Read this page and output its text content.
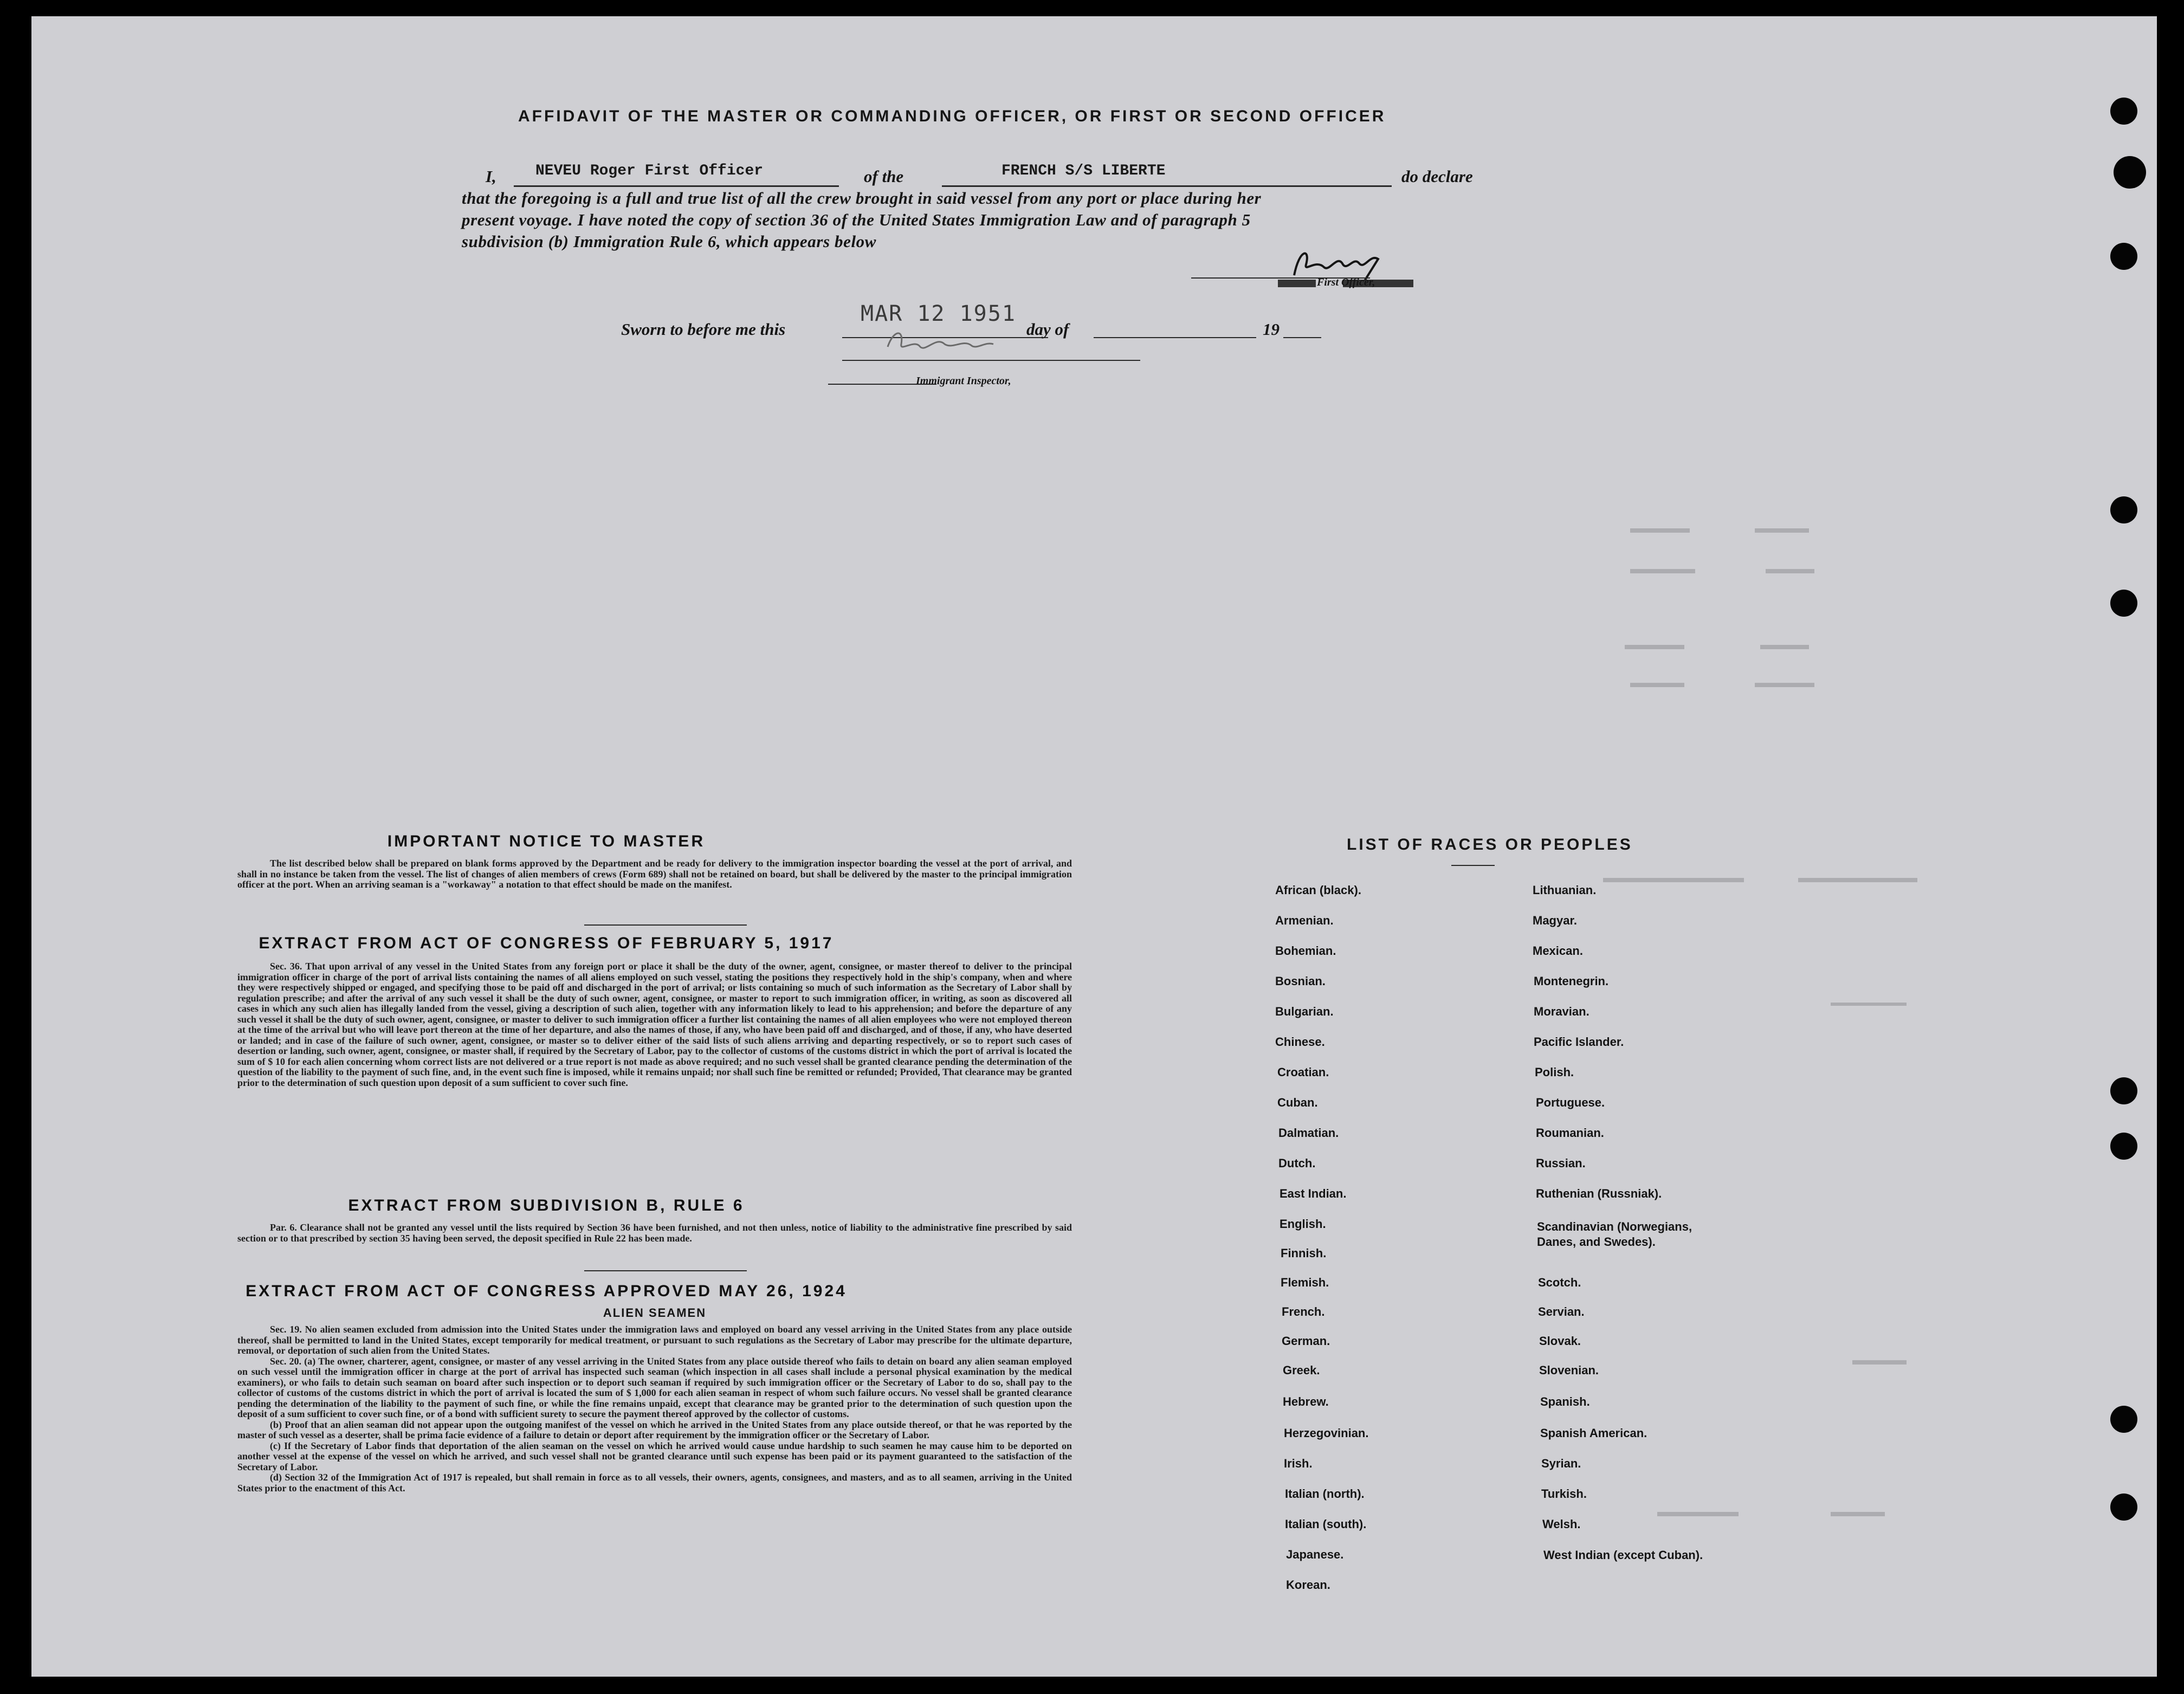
AFFIDAVIT OF THE MASTER OR COMMANDING OFFICER, OR FIRST OR SECOND OFFICER
I,	NEVEU Roger First Officer	of the	FRENCH S/S LIBERTE	do declare
that the foregoing is a full and true list of all the crew brought in said vessel from any port or place during her
present voyage. I have noted the copy of section 36 of the United States Immigration Law and of paragraph 5
subdivision (b) Immigration Rule 6, which appears below
First Officer,
Sworn to before me this
MAR 12 1951
day of	19
Immigrant Inspector,
IMPORTANT NOTICE TO MASTER

The list described below shall be prepared on blank forms approved by the Department and be ready for delivery to the immigration inspector boarding the vessel at the port of arrival, and shall in no instance be taken from the vessel. The list of changes of alien members of crews (Form 689) shall not be retained on board, but shall be delivered by the master to the principal immigration officer at the port. When an arriving seaman is a "workaway" a notation to that effect should be made on the manifest.

EXTRACT FROM ACT OF CONGRESS OF FEBRUARY 5, 1917

Sec. 36. That upon arrival of any vessel in the United States from any foreign port or place it shall be the duty of the owner, agent, consignee, or master thereof to deliver to the principal immigration officer in charge of the port of arrival lists containing the names of all aliens employed on such vessel, stating the positions they respectively hold in the ship's company, when and where they were respectively shipped or engaged, and specifying those to be paid off and discharged in the port of arrival; or lists containing so much of such information as the Secretary of Labor shall by regulation prescribe; and after the arrival of any such vessel it shall be the duty of such owner, agent, consignee, or master to report to such immigration officer, in writing, as soon as discovered all cases in which any such alien has illegally landed from the vessel, giving a description of such alien, together with any information likely to lead to his apprehension; and before the departure of any such vessel it shall be the duty of such owner, agent, consignee, or master to deliver to such immigration officer a further list containing the names of all alien employees who were not employed thereon at the time of the arrival but who will leave port thereon at the time of her departure, and also the names of those, if any, who have been paid off and discharged, and of those, if any, who have deserted or landed; and in case of the failure of such owner, agent, consignee, or master so to deliver either of the said lists of such aliens arriving and departing respectively, or so to report such cases of desertion or landing, such owner, agent, consignee, or master shall, if required by the Secretary of Labor, pay to the collector of customs of the customs district in which the port of arrival is located the sum of $ 10 for each alien concerning whom correct lists are not delivered or a true report is not made as above required; and no such vessel shall be granted clearance pending the determination of the question of the liability to the payment of such fine, and, in the event such fine is imposed, while it remains unpaid; nor shall such fine be remitted or refunded; Provided, That clearance may be granted prior to the determination of such question upon deposit of a sum sufficient to cover such fine.

EXTRACT FROM SUBDIVISION B, RULE 6

Par. 6. Clearance shall not be granted any vessel until the lists required by Section 36 have been furnished, and not then unless, notice of liability to the administrative fine prescribed by said section or to that prescribed by section 35 having been served, the deposit specified in Rule 22 has been made.

EXTRACT FROM ACT OF CONGRESS APPROVED MAY 26, 1924
ALIEN SEAMEN

Sec. 19. No alien seamen excluded from admission into the United States under the immigration laws and employed on board any vessel arriving in the United States from any place outside thereof, shall be permitted to land in the United States, except temporarily for medical treatment, or pursuant to such regulations as the Secretary of Labor may prescribe for the ultimate departure, removal, or deportation of such alien from the United States.

Sec. 20. (a) The owner, charterer, agent, consignee, or master of any vessel arriving in the United States from any place outside thereof who fails to detain on board any alien seaman employed on such vessel until the immigration officer in charge at the port of arrival has inspected such seaman (which inspection in all cases shall include a personal physical examination by the medical examiners), or who fails to detain such seaman on board after such inspection or to deport such seaman if required by such immigration officer or the Secretary of Labor to do so, shall pay to the collector of customs of the customs district in which the port of arrival is located the sum of $ 1,000 for each alien seaman in respect of whom such failure occurs. No vessel shall be granted clearance pending the determination of the liability to the payment of such fine, or while the fine remains unpaid, except that clearance may be granted prior to the determination of such question upon the deposit of a sum sufficient to cover such fine, or of a bond with sufficient surety to secure the payment thereof approved by the collector of customs.

(b) Proof that an alien seaman did not appear upon the outgoing manifest of the vessel on which he arrived in the United States from any place outside thereof, or that he was reported by the master of such vessel as a deserter, shall be prima facie evidence of a failure to detain or deport after requirement by the immigration officer or the Secretary of Labor.

(c) If the Secretary of Labor finds that deportation of the alien seaman on the vessel on which he arrived would cause undue hardship to such seamen he may cause him to be deported on another vessel at the expense of the vessel on which he arrived, and such vessel shall not be granted clearance until such expense has been paid or its payment guaranteed to the satisfaction of the Secretary of Labor.

(d) Section 32 of the Immigration Act of 1917 is repealed, but shall remain in force as to all vessels, their owners, agents, consignees, and masters, and as to all seamen, arriving in the United States prior to the enactment of this Act.

LIST OF RACES OR PEOPLES
African (black).
Armenian.
Bohemian.
Bosnian.
Bulgarian.
Chinese.
Croatian.
Cuban.
Dalmatian.
Dutch.
East Indian.
English.
Finnish.
Flemish.
French.
German.
Greek.
Hebrew.
Herzegovinian.
Irish.
Italian (north).
Italian (south).
Japanese.
Korean.
Lithuanian.
Magyar.
Mexican.
Montenegrin.
Moravian.
Pacific Islander.
Polish.
Portuguese.
Roumanian.
Russian.
Ruthenian (Russniak).
Scandinavian (Norwegians, Danes, and Swedes).
Scotch.
Servian.
Slovak.
Slovenian.
Spanish.
Spanish American.
Syrian.
Turkish.
Welsh.
West Indian (except Cuban).
